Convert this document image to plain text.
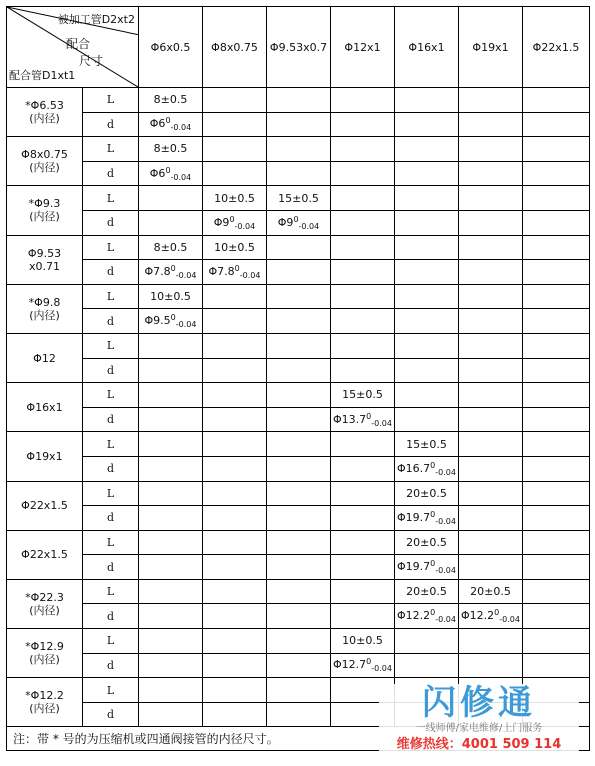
被加工管D2xt2
配合
尺寸
配合管D1xt1		Φ6x0.5	Φ8x0.75	Φ9.53x0.7	Φ12x1	Φ16x1	Φ19x1	Φ22x1.5
*Φ6.53
(内径)	L	8±0.5						
	d	$\Phi 6^0_{-0.04}$						
Φ8x0.75
(内径)	L	8±0.5						
	d	$\Phi 6^0_{-0.04}$						
*Φ9.3
(内径)	L		10±0.5	15±0.5				
	d		$\Phi 9^0_{-0.04}$	$\Phi 9^0_{-0.04}$				
Φ9.53
x0.71	L	8±0.5	10±0.5					
	d	$\Phi 7.8^0_{-0.04}$	$\Phi 7.8^0_{-0.04}$					
*Φ9.8
(内径)	L	10±0.5						
	d	$\Phi 9.5^0_{-0.04}$						
Φ12	L							
	d							
Φ16x1	L				15±0.5			
	d				$\Phi 13.7^0_{-0.04}$			
Φ19x1	L					15±0.5		
	d					$\Phi 16.7^0_{-0.04}$		
Φ22x1.5	L					20±0.5		
	d					$\Phi 19.7^0_{-0.04}$		
Φ22x1.5	L					20±0.5		
	d					$\Phi 19.7^0_{-0.04}$		
*Φ22.3
(内径)	L					20±0.5	20±0.5	
	d					$\Phi 12.2^0_{-0.04}$	$\Phi 12.2^0_{-0.04}$	
*Φ12.9
(内径)	L				10±0.5			
	d				$\Phi 12.7^0_{-0.04}$			
*Φ12.2
(内径)	L							
	d							
注：带 * 号的为压缩机或四通阀接管的内径尺寸。								
闪修通
一线师傅/家电维修/上门服务
维修热线：4001 509 114
